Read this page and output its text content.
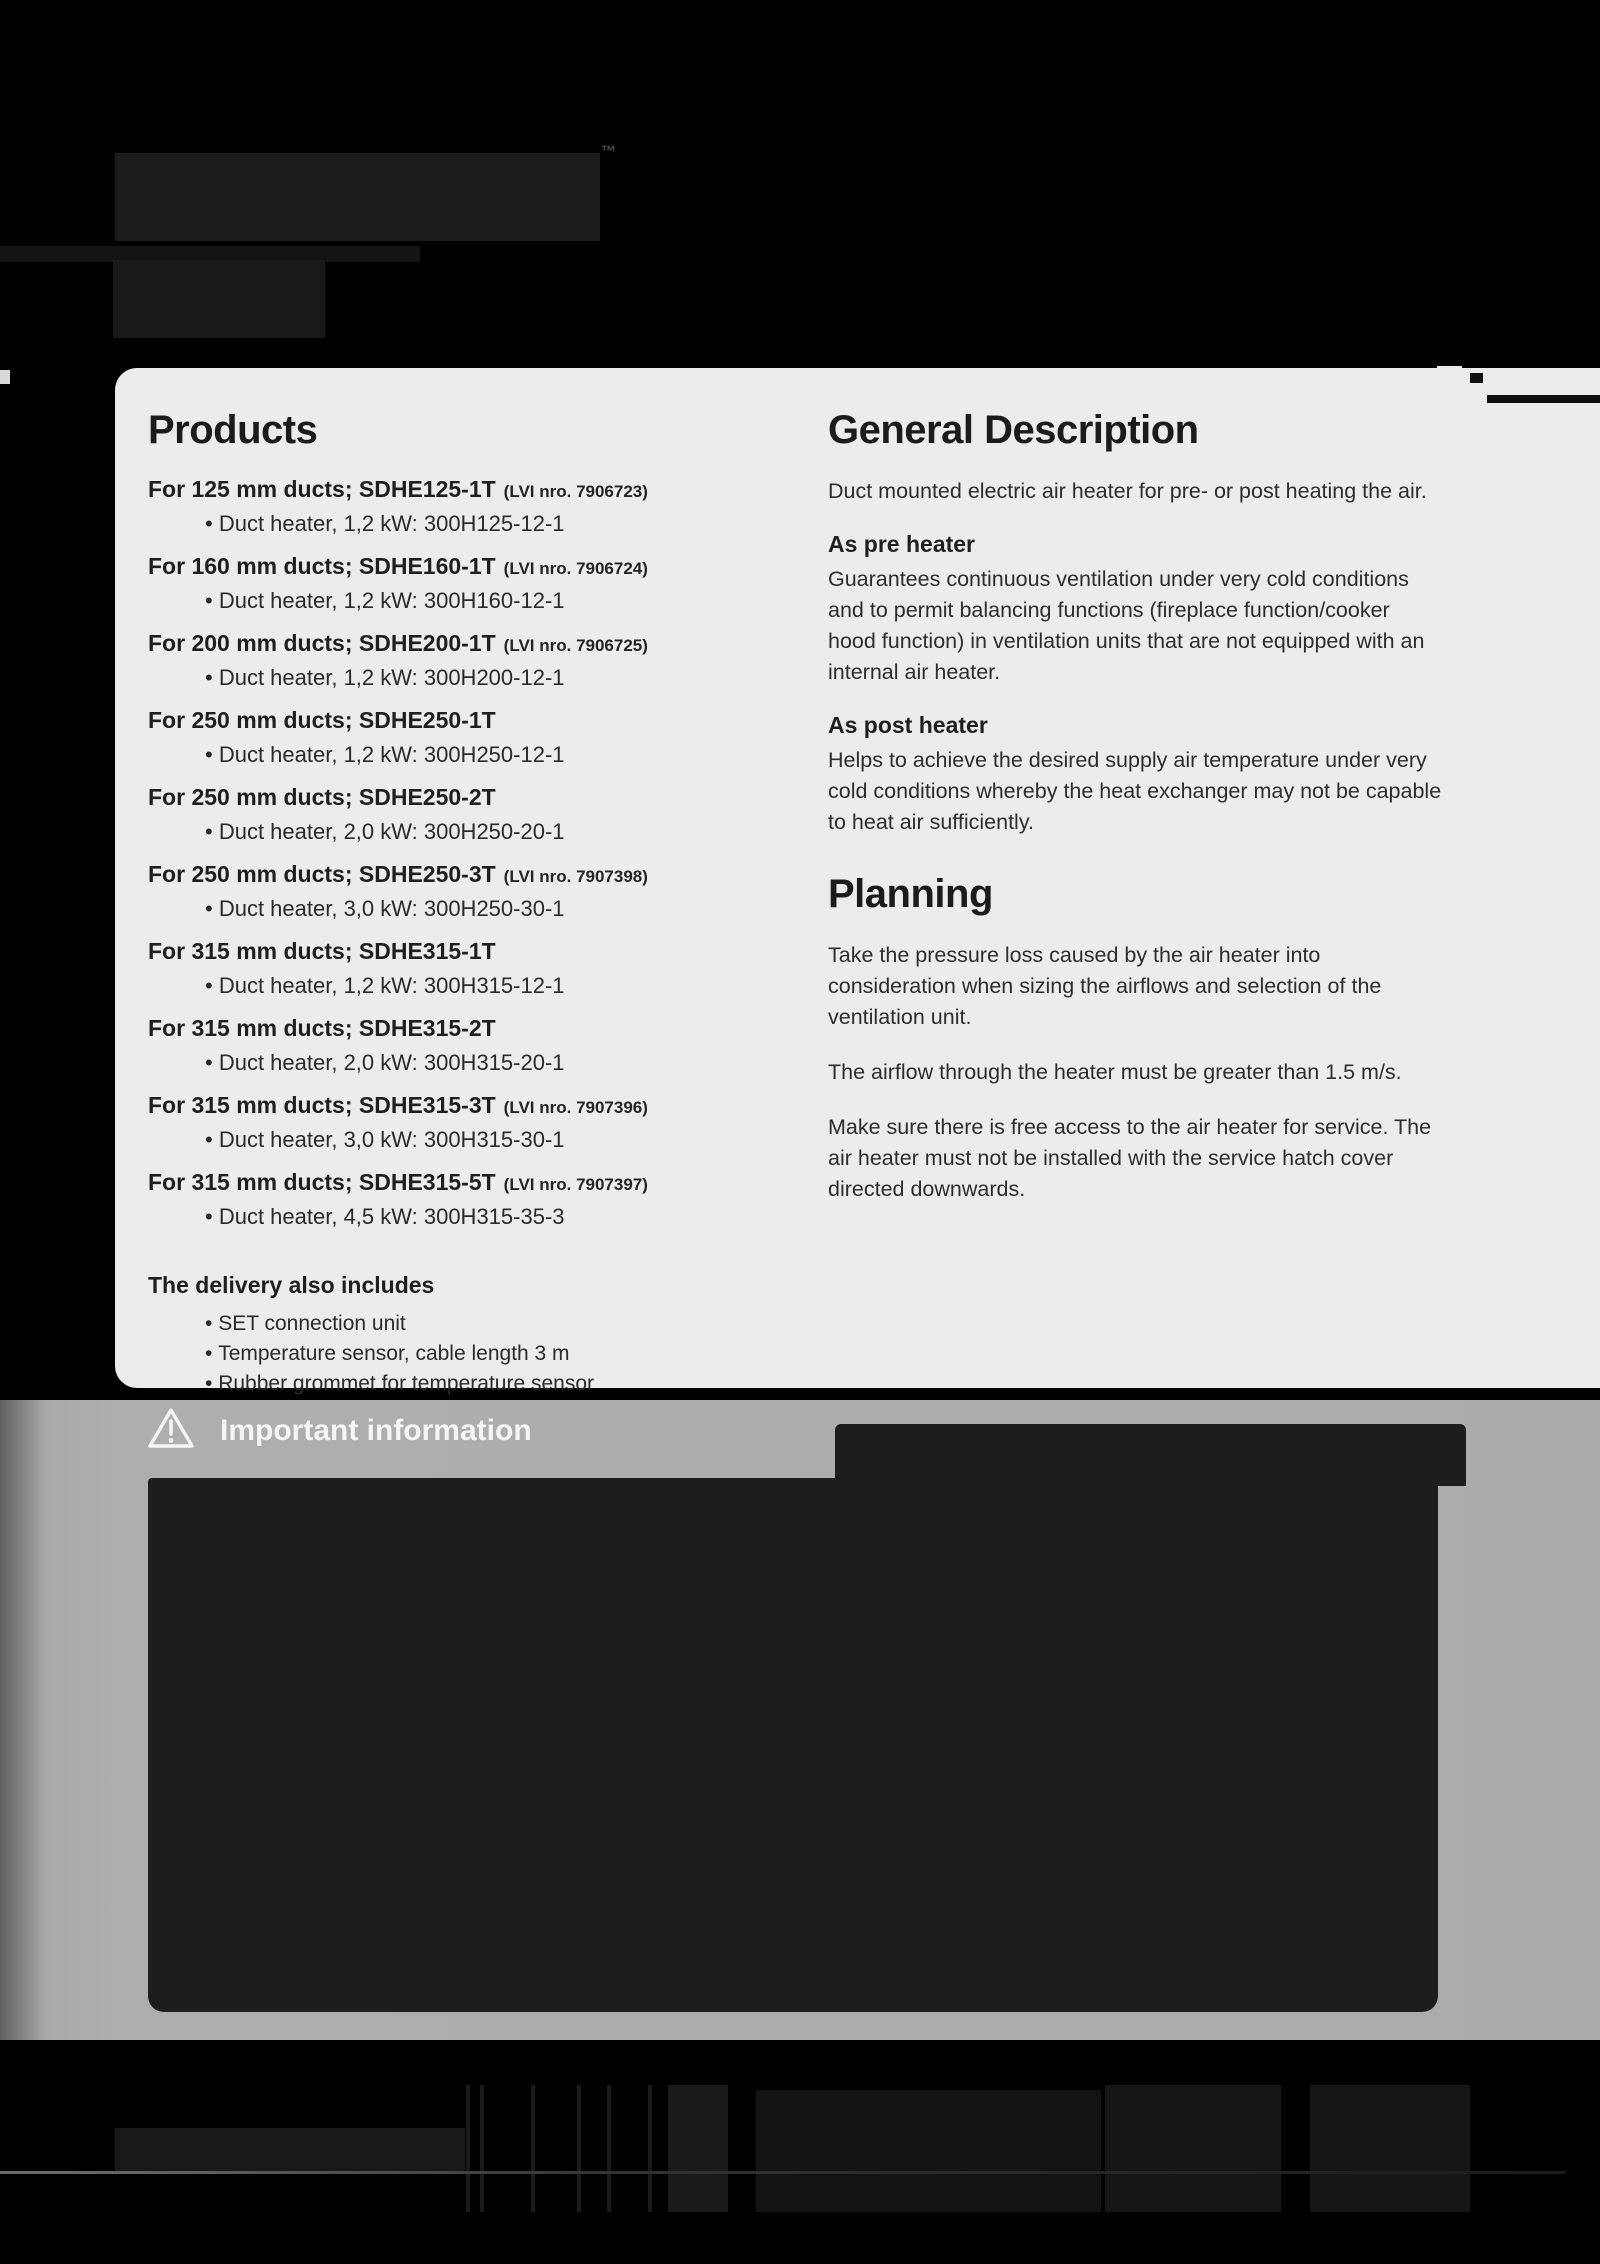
™
Products
For 125 mm ducts; SDHE125-1T (LVI nro. 7906723)
• Duct heater, 1,2 kW: 300H125-12-1
For 160 mm ducts; SDHE160-1T (LVI nro. 7906724)
• Duct heater, 1,2 kW: 300H160-12-1
For 200 mm ducts; SDHE200-1T (LVI nro. 7906725)
• Duct heater, 1,2 kW: 300H200-12-1
For 250 mm ducts; SDHE250-1T
• Duct heater, 1,2 kW: 300H250-12-1
For 250 mm ducts; SDHE250-2T
• Duct heater, 2,0 kW: 300H250-20-1
For 250 mm ducts; SDHE250-3T (LVI nro. 7907398)
• Duct heater, 3,0 kW: 300H250-30-1
For 315 mm ducts; SDHE315-1T
• Duct heater, 1,2 kW: 300H315-12-1
For 315 mm ducts; SDHE315-2T
• Duct heater, 2,0 kW: 300H315-20-1
For 315 mm ducts; SDHE315-3T (LVI nro. 7907396)
• Duct heater, 3,0 kW: 300H315-30-1
For 315 mm ducts; SDHE315-5T (LVI nro. 7907397)
• Duct heater, 4,5 kW: 300H315-35-3
The delivery also includes
• SET connection unit
• Temperature sensor, cable length 3 m
• Rubber grommet for temperature sensor
General Description

Duct mounted electric air heater for pre- or post heating the air.

As pre heater

Guarantees continuous ventilation under very cold conditions and to permit balancing functions (fireplace function/cooker hood function) in ventilation units that are not equipped with an internal air heater.

As post heater

Helps to achieve the desired supply air temperature under very cold conditions whereby the heat exchanger may not be capable to heat air sufficiently.

Planning

Take the pressure loss caused by the air heater into consideration when sizing the airflows and selection of the ventilation unit.

The airflow through the heater must be greater than 1.5 m/s.

Make sure there is free access to the air heater for service. The air heater must not be installed with the service hatch cover directed downwards.

Important information
